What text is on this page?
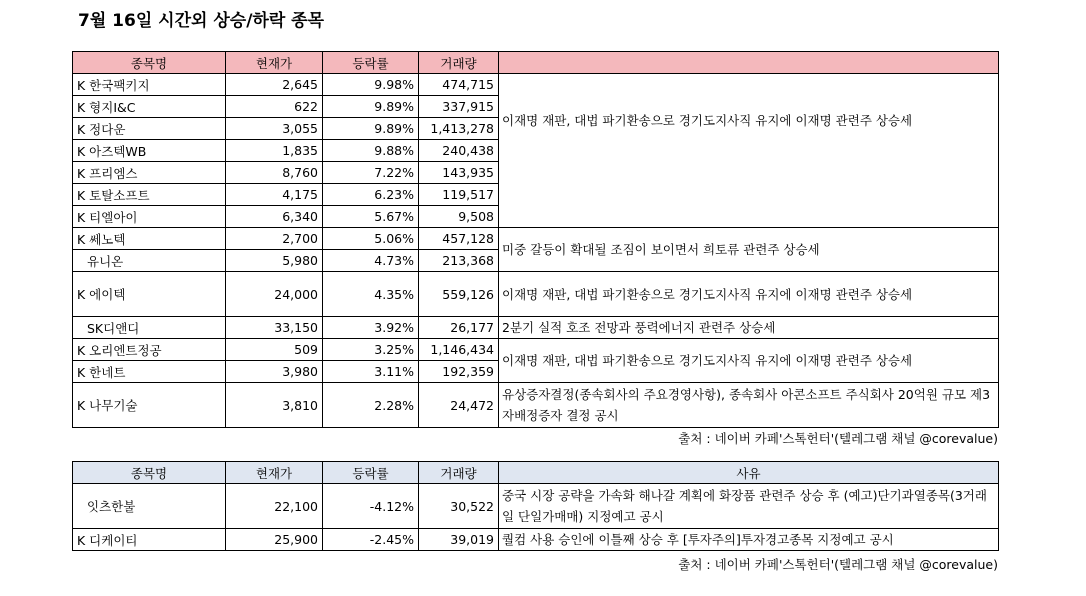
7월 16일 시간외 상승/하락 종목
종목명	현재가	등락률	거래량	
K 한국팩키지	2,645	9.98%	474,715	이재명 재판, 대법 파기환송으로 경기도지사직 유지에 이재명 관련주 상승세
K 형지I&C	622	9.89%	337,915	
K 정다운	3,055	9.89%	1,413,278	
K 아즈텍WB	1,835	9.88%	240,438	
K 프리엠스	8,760	7.22%	143,935	
K 토탈소프트	4,175	6.23%	119,517	
K 티엘아이	6,340	5.67%	9,508	
K 쎄노텍	2,700	5.06%	457,128	미중 갈등이 확대될 조짐이 보이면서 희토류 관련주 상승세
유니온	5,980	4.73%	213,368	
K 에이텍	24,000	4.35%	559,126	이재명 재판, 대법 파기환송으로 경기도지사직 유지에 이재명 관련주 상승세
SK디앤디	33,150	3.92%	26,177	2분기 실적 호조 전망과 풍력에너지 관련주 상승세
K 오리엔트정공	509	3.25%	1,146,434	이재명 재판, 대법 파기환송으로 경기도지사직 유지에 이재명 관련주 상승세
K 한네트	3,980	3.11%	192,359	
K 나무기술	3,810	2.28%	24,472	유상증자결정(종속회사의 주요경영사항), 종속회사 아콘소프트 주식회사 20억원 규모 제3자배정증자 결정 공시
출처 : 네이버 카페'스톡헌터'(텔레그램 채널 @corevalue)
종목명	현재가	등락률	거래량	사유
잇츠한불	22,100	-4.12%	30,522	중국 시장 공략을 가속화 해나갈 계획에 화장품 관련주 상승 후 (예고)단기과열종목(3거래일 단일가매매) 지정예고 공시
K 디케이티	25,900	-2.45%	39,019	퀄컴 사용 승인에 이틀째 상승 후 [투자주의]투자경고종목 지정예고 공시
출처 : 네이버 카페'스톡헌터'(텔레그램 채널 @corevalue)
